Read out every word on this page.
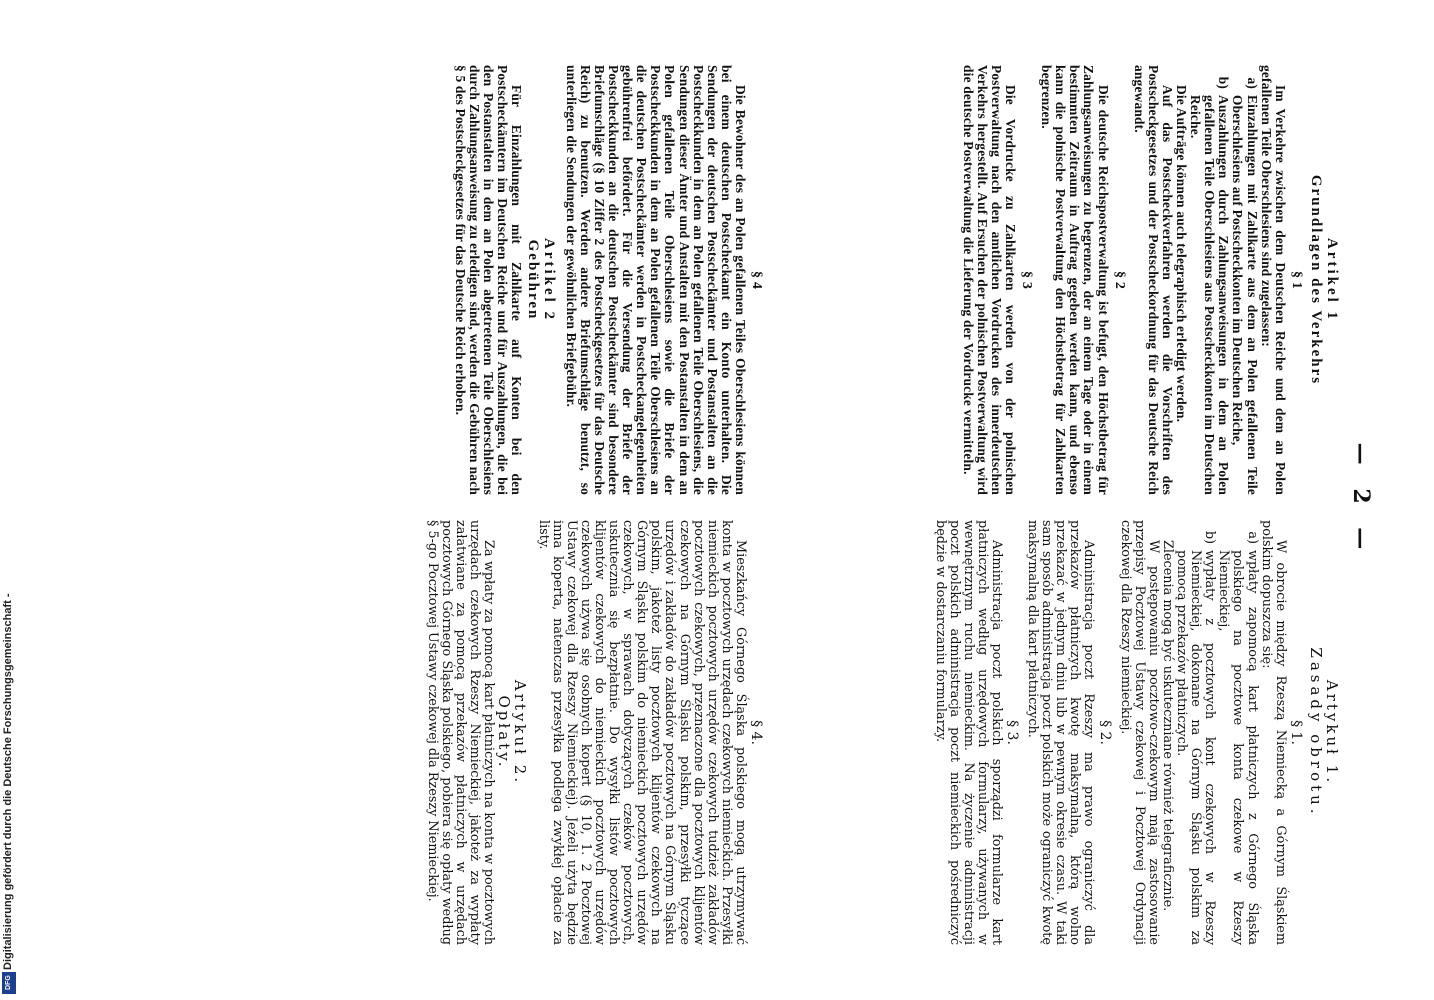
— 2 —

Artikel 1

Grundlagen des Verkehrs

§ 1

Im Verkehre zwischen dem Deutschen Reiche und dem an Polen gefallenen Teile Oberschlesiens sind zugelassen:

a)
Einzahlungen mit Zahlkarte aus dem an Polen gefallenen Teile Oberschlesiens auf Postscheckkonten im Deutschen Reiche,
b)
Auszahlungen durch Zahlungsanweisungen in dem an Polen gefallenen Teile Oberschlesiens aus Postscheckkonten im Deutschen Reiche.

Die Aufträge können auch telegraphisch erledigt werden.

Auf das Postscheckverfahren werden die Vorschriften des Postscheckgesetzes und der Postscheckordnung für das Deutsche Reich angewandt.

§ 2

Die deutsche Reichspostverwaltung ist befugt, den Höchstbetrag für Zahlungsanweisungen zu begrenzen, der an einem Tage oder in einem bestimmten Zeitraum in Auftrag gegeben werden kann, und ebenso kann die polnische Postverwaltung den Höchstbetrag für Zahlkarten begrenzen.

§ 3

Die Vordrucke zu Zahlkarten werden von der polnischen Postverwaltung nach den amtlichen Vordrucken des innerdeutschen Verkehrs hergestellt. Auf Ersuchen der polnischen Postverwaltung wird die deutsche Postverwaltung die Lieferung der Vordrucke vermitteln.

Artykuł 1.

Zasady obrotu.

§ 1.

W obrocie między Rzeszą Niemiecką a Górnym Śląskiem polskim dopuszcza się:

a)
wpłaty zapomocą kart płatniczych z Górnego Śląska polskiego na pocztowe konta czekowe w Rzeszy Niemieckiej,
b)
wypłaty z pocztowych kont czekowych w Rzeszy Niemieckiej, dokonane na Górnym Śląsku polskim za pomocą przekazów płatniczych.

Zlecenia mogą być uskuteczniane również telegraficznie.

W postępowaniu pocztowo-czekowym mają zastosowanie przepisy Pocztowej Ustawy czekowej i Pocztowej Ordynacji czekowej dla Rzeszy niemieckiej.

§ 2.

Administracja poczt Rzeszy ma prawo ograniczyć dla przekazów płatniczych kwotę maksymalną, którą wolno przekazać w jednym dniu lub w pewnym okresie czasu. W taki sam sposób administracja poczt polskich może ograniczyć kwotę maksymalną dla kart płatniczych.

§ 3.

Administracja poczt polskich sporządzi formularze kart płatniczych według urzędowych formularzy, używanych w wewnętrznym ruchu niemieckim. Na życzenie administracji poczt polskich administracja poczt niemieckich pośredniczyć będzie w dostarczaniu formularzy.

§ 4

Die Bewohner des an Polen gefallenen Teiles Oberschlesiens können bei einem deutschen Postscheckamt ein Konto unterhalten. Die Sendungen der deutschen Postscheckämter und Postanstalten an die Postscheckkunden in dem an Polen gefallenen Teile Oberschlesiens, die Sendungen dieser Ämter und Anstalten mit den Postanstalten in dem an Polen gefallenen Teile Oberschlesiens sowie die Briefe der Postscheckkunden in dem an Polen gefallenen Teile Oberschlesiens an die deutschen Postscheckämter werden in Postscheckangelegenheiten gebührenfrei befördert. Für die Versendung der Briefe der Postscheckkunden an die deutschen Postscheckämter sind besondere Briefumschläge (§ 10 Ziffer 2 des Postscheckgesetzes für das Deutsche Reich) zu benutzen. Werden andere Briefumschläge benutzt, so unterliegen die Sendungen der gewöhnlichen Briefgebühr.

Artikel 2

Gebühren

Für Einzahlungen mit Zahlkarte auf Konten bei den Postscheckämtern im Deutschen Reiche und für Auszahlungen, die bei den Postanstalten in dem an Polen abgetretenen Teile Oberschlesiens durch Zahlungsanweisung zu erledigen sind, werden die Gebühren nach § 5 des Postscheckgesetzes für das Deutsche Reich erhoben.

§ 4.

Mieszkańcy Górnego Śląska polskiego mogą utrzymywać konta w pocztowych urzędach czekowych niemieckich. Przesyłki niemieckich pocztowych urzędów czekowych tudzież zakładów pocztowych czekowych, przeznaczone dla pocztowych klijentów czekowych na Górnym Śląsku polskim, przesyłki tyczące urzędów i zakładów do zakładów pocztowych na Górnym Śląsku polskim, jakoteż listy pocztowych klijentów czekowych na Górnym Śląsku polskim do niemieckich pocztowych urzędów czekowych, w sprawach dotyczących czeków pocztowych, uskutecznia się bezpłatnie. Do wysyłki listów pocztowych klijentów czekowych do niemieckich pocztowych urzędów czekowych używa się osobnych kopert (§ 10, 1. 2 Pocztowej Ustawy czekowej dla Rzeszy Niemieckiej). Jeżeli użyta będzie inna koperta, natenczas przesyłka podlega zwykłej opłacie za listy.

Artykuł 2.

Opłaty.

Za wpłaty za pomocą kart płatniczych na konta w pocztowych urzędach czekowych Rzeszy Niemieckiej, jakoteż za wypłaty załatwiane za pomocą przekazów płatniczych w urzędach pocztowych Górnego Śląska polskiego, pobiera się opłaty według § 5-go Pocztowej Ustawy czekowej dla Rzeszy Niemieckiej.

Digitalisierung gefördert durch die Deutsche Forschungsgemeinschaft -
DFG
